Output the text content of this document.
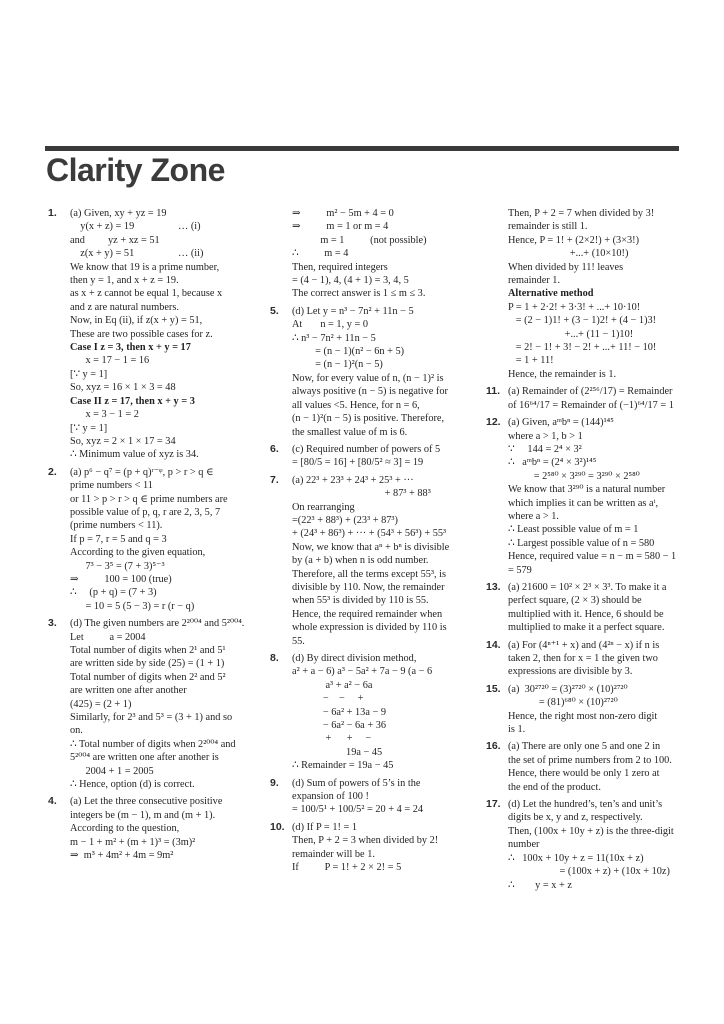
Clarity Zone
1. (a) Given, xy + yz = 19
y(x + z) = 19                 … (i)
and         yz + xz = 51
z(x + y) = 51                 … (ii)
We know that 19 is a prime number,
then y = 1, and x + z = 19.
as x + z cannot be equal 1, because x
and z are natural numbers.
Now, in Eq (ii), if z(x + y) = 51,
These are two possible cases for z.
Case I z = 3, then x + y = 17
x = 17 − 1 = 16
[∵ y = 1]
So, xyz = 16 × 1 × 3 = 48
Case II z = 17, then x + y = 3
x = 3 − 1 = 2
[∵ y = 1]
So, xyz = 2 × 1 × 17 = 34
∴ Minimum value of xyz is 34.
2. (a) p⁶ − q⁷ = (p + q)ʳ⁻ᵠ, p > r > q ∈
prime numbers < 11
or 11 > p > r > q ∈ prime numbers are
possible value of p, q, r are 2, 3, 5, 7
(prime numbers < 11).
If p = 7, r = 5 and q = 3
According to the given equation,
7³ − 3⁵ = (7 + 3)⁵⁻³
⇒          100 = 100 (true)
∴     (p + q) = (7 + 3)
= 10 = 5 (5 − 3) = r (r − q)
3. (d) The given numbers are 2²⁰⁰⁴ and 5²⁰⁰⁴.
Let          a = 2004
Total number of digits when 2¹ and 5¹
are written side by side (25) = (1 + 1)
Total number of digits when 2² and 5²
are written one after another
(425) = (2 + 1)
Similarly, for 2³ and 5³ = (3 + 1) and so
on.
∴ Total number of digits when 2²⁰⁰⁴ and
5²⁰⁰⁴ are written one after another is
2004 + 1 = 2005
∴ Hence, option (d) is correct.
4. (a) Let the three consecutive positive
integers be (m − 1), m and (m + 1).
According to the question,
m − 1 + m² + (m + 1)³ = (3m)²
⇒  m³ + 4m² + 4m = 9m²
⇒          m² − 5m + 4 = 0
⇒          m = 1 or m = 4
m = 1          (not possible)
∴          m = 4
Then, required integers
= (4 − 1), 4, (4 + 1) = 3, 4, 5
The correct answer is 1 ≤ m ≤ 3.
5. (d) Let y = n³ − 7n² + 11n − 5
At       n = 1, y = 0
∴ n³ − 7n² + 11n − 5
= (n − 1)(n² − 6n + 5)
= (n − 1)²(n − 5)
Now, for every value of n, (n − 1)² is
always positive (n − 5) is negative for
all values <5. Hence, for n = 6,
(n − 1)²(n − 5) is positive. Therefore,
the smallest value of m is 6.
6. (c) Required number of powers of 5
= [80/5 = 16] + [80/5² ≈ 3] = 19
7. (a) 22³ + 23³ + 24³ + 25³ + ···
+ 87³ + 88³
On rearranging
=(22³ + 88³) + (23³ + 87³)
+ (24³ + 86³) + ··· + (54³ + 56³) + 55³
Now, we know that aⁿ + bⁿ is divisible
by (a + b) when n is odd number.
Therefore, all the terms except 55³, is
divisible by 110. Now, the remainder
when 55³ is divided by 110 is 55.
Hence, the required remainder when
whole expression is divided by 110 is
55.
8. (d) By direct division method,
a² + a − 6) a³ − 5a² + 7a − 9 (a − 6
a³ + a² − 6a
−    −     +
− 6a² + 13a − 9
− 6a² − 6a + 36
+      +     −
19a − 45
∴ Remainder = 19a − 45
9. (d) Sum of powers of 5’s in the
expansion of 100 !
= 100/5¹ + 100/5² = 20 + 4 = 24
10. (d) If P = 1! = 1
Then, P + 2 = 3 when divided by 2!
remainder will be 1.
If          P = 1! + 2 × 2! = 5
Then, P + 2 = 7 when divided by 3!
remainder is still 1.
Hence, P = 1! + (2×2!) + (3×3!)
+...+ (10×10!)
When divided by 11! leaves
remainder 1.
Alternative method
P = 1 + 2·2! + 3·3! + ...+ 10·10!
= (2 − 1)1! + (3 − 1)2! + (4 − 1)3!
+...+ (11 − 1)10!
= 2! − 1! + 3! − 2! + ...+ 11! − 10!
= 1 + 11!
Hence, the remainder is 1.
11. (a) Remainder of (2²⁵⁶/17) = Remainder
of 16⁶⁴/17 = Remainder of (−1)⁶⁴/17 = 1
12. (a) Given, aᵐbⁿ = (144)¹⁴⁵
where a > 1, b > 1
∵     144 = 2⁴ × 3²
∴   aᵐbⁿ = (2⁴ × 3²)¹⁴⁵
= 2⁵⁸⁰ × 3²⁹⁰ = 3²⁹⁰ × 2⁵⁸⁰
We know that 3²⁹⁰ is a natural number
which implies it can be written as aᵗ,
where a > 1.
∴ Least possible value of m = 1
∴ Largest possible value of n = 580
Hence, required value = n − m = 580 − 1
= 579
13. (a) 21600 = 10² × 2³ × 3³. To make it a
perfect square, (2 × 3) should be
multiplied with it. Hence, 6 should be
multiplied to make it a perfect square.
14. (a) For (4ⁿ⁺¹ + x) and (4²ⁿ − x) if n is
taken 2, then for x = 1 the given two
expressions are divisible by 3.
15. (a)  30²⁷²⁰ = (3)²⁷²⁰ × (10)²⁷²⁰
= (81)⁶⁸⁰ × (10)²⁷²⁰
Hence, the right most non-zero digit
is 1.
16. (a) There are only one 5 and one 2 in
the set of prime numbers from 2 to 100.
Hence, there would be only 1 zero at
the end of the product.
17. (d) Let the hundred’s, ten’s and unit’s
digits be x, y and z, respectively.
Then, (100x + 10y + z) is the three-digit
number
∴   100x + 10y + z = 11(10x + z)
= (100x + z) + (10x + 10z)
∴        y = x + z
